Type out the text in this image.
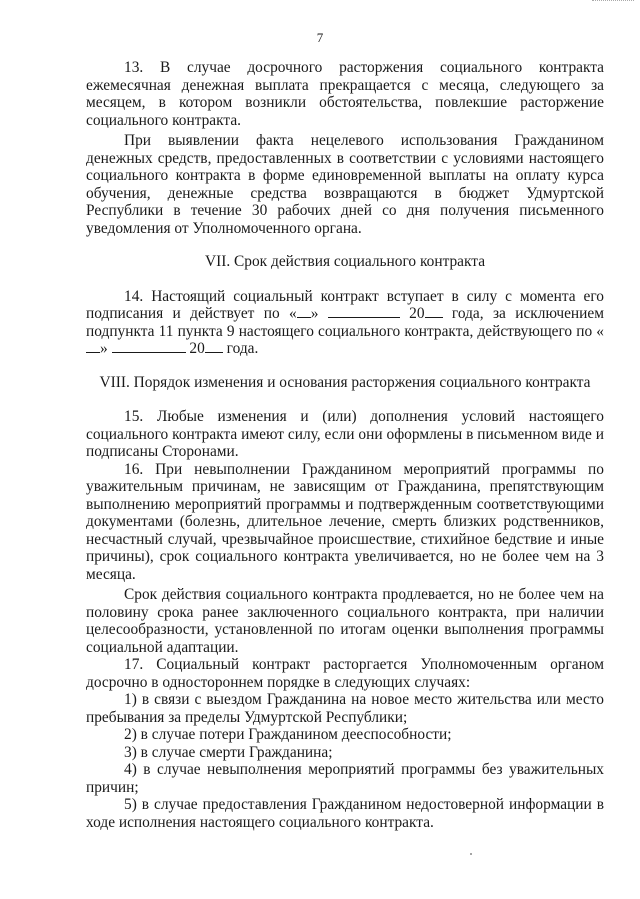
7

13. В случае досрочного расторжения социального контракта ежемесячная денежная выплата прекращается с месяца, следующего за месяцем, в котором возникли обстоятельства, повлекшие расторжение социального контракта.

При выявлении факта нецелевого использования Гражданином денежных средств, предоставленных в соответствии с условиями настоящего социального контракта в форме единовременной выплаты на оплату курса обучения, денежные средства возвращаются в бюджет Удмуртской Республики в течение 30 рабочих дней со дня получения письменного уведомления от Уполномоченного органа.

VII. Срок действия социального контракта

14. Настоящий социальный контракт вступает в силу с момента его подписания и действует по « »	20 года, за исключением подпункта 11 пункта 9 настоящего социального контракта, действующего по «»	20 года.

VIII. Порядок изменения и основания расторжения социального контракта

15. Любые изменения и (или) дополнения условий настоящего социального контракта имеют силу, если они оформлены в письменном виде и подписаны Сторонами.

16. При невыполнении Гражданином мероприятий программы по уважительным причинам, не зависящим от Гражданина, препятствующим выполнению мероприятий программы и подтвержденным соответствующими документами (болезнь, длительное лечение, смерть близких родственников, несчастный случай, чрезвычайное происшествие, стихийное бедствие и иные причины), срок социального контракта увеличивается, но не более чем на 3 месяца.

Срок действия социального контракта продлевается, но не более чем на половину срока ранее заключенного социального контракта, при наличии целесообразности, установленной по итогам оценки выполнения программы социальной адаптации.

17. Социальный контракт расторгается Уполномоченным органом досрочно в одностороннем порядке в следующих случаях:

1) в связи с выездом Гражданина на новое место жительства или место пребывания за пределы Удмуртской Республики;

2) в случае потери Гражданином дееспособности;

3) в случае смерти Гражданина;

4) в случае невыполнения мероприятий программы без уважительных причин;

5) в случае предоставления Гражданином недостоверной информации в ходе исполнения настоящего социального контракта.
